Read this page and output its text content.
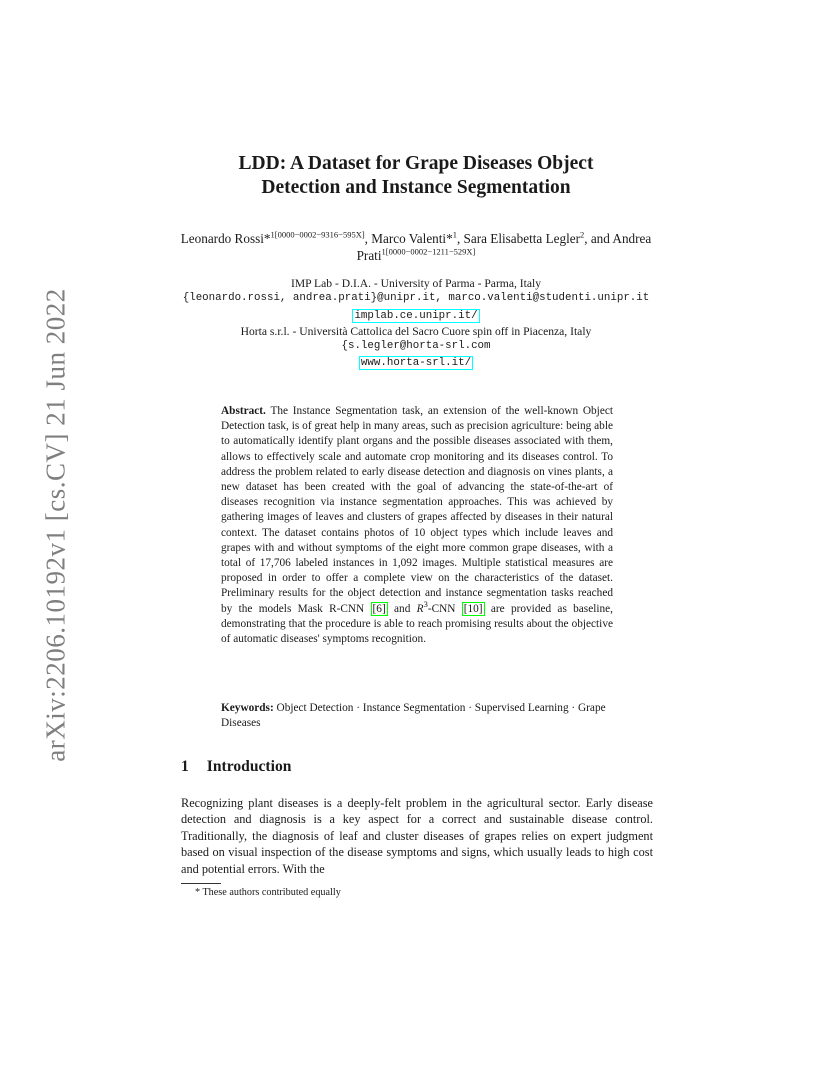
arXiv:2206.10192v1 [cs.CV] 21 Jun 2022
LDD: A Dataset for Grape Diseases Object
Detection and Instance Segmentation
Leonardo Rossi*$^{1[0000-0002-9316-595X]}$, Marco Valenti*$^1$, Sara Elisabetta Legler$^2$, and Andrea Prati$^{1[0000-0002-1211-529X]}$
IMP Lab - D.I.A. - University of Parma - Parma, Italy
{leonardo.rossi, andrea.prati}@unipr.it, marco.valenti@studenti.unipr.it
implab.ce.unipr.it/
Horta s.r.l. - Università Cattolica del Sacro Cuore spin off in Piacenza, Italy
{s.legler@horta-srl.com
www.horta-srl.it/
Abstract. The Instance Segmentation task, an extension of the well-known Object Detection task, is of great help in many areas, such as precision agriculture: being able to automatically identify plant organs and the possible diseases associated with them, allows to effectively scale and automate crop monitoring and its diseases control. To address the problem related to early disease detection and diagnosis on vines plants, a new dataset has been created with the goal of advancing the state-of-the-art of diseases recognition via instance segmentation approaches. This was achieved by gathering images of leaves and clusters of grapes affected by diseases in their natural context. The dataset contains photos of 10 object types which include leaves and grapes with and without symptoms of the eight more common grape diseases, with a total of 17,706 labeled instances in 1,092 images. Multiple statistical measures are proposed in order to offer a complete view on the characteristics of the dataset. Preliminary results for the object detection and instance segmentation tasks reached by the models Mask R-CNN [6] and $R^3$-CNN [10] are provided as baseline, demonstrating that the procedure is able to reach promising results about the objective of automatic diseases' symptoms recognition.
Keywords: Object Detection · Instance Segmentation · Supervised Learning · Grape Diseases
1 Introduction
Recognizing plant diseases is a deeply-felt problem in the agricultural sector. Early disease detection and diagnosis is a key aspect for a correct and sustainable disease control. Traditionally, the diagnosis of leaf and cluster diseases of grapes relies on expert judgment based on visual inspection of the disease symptoms and signs, which usually leads to high cost and potential errors. With the
* These authors contributed equally
